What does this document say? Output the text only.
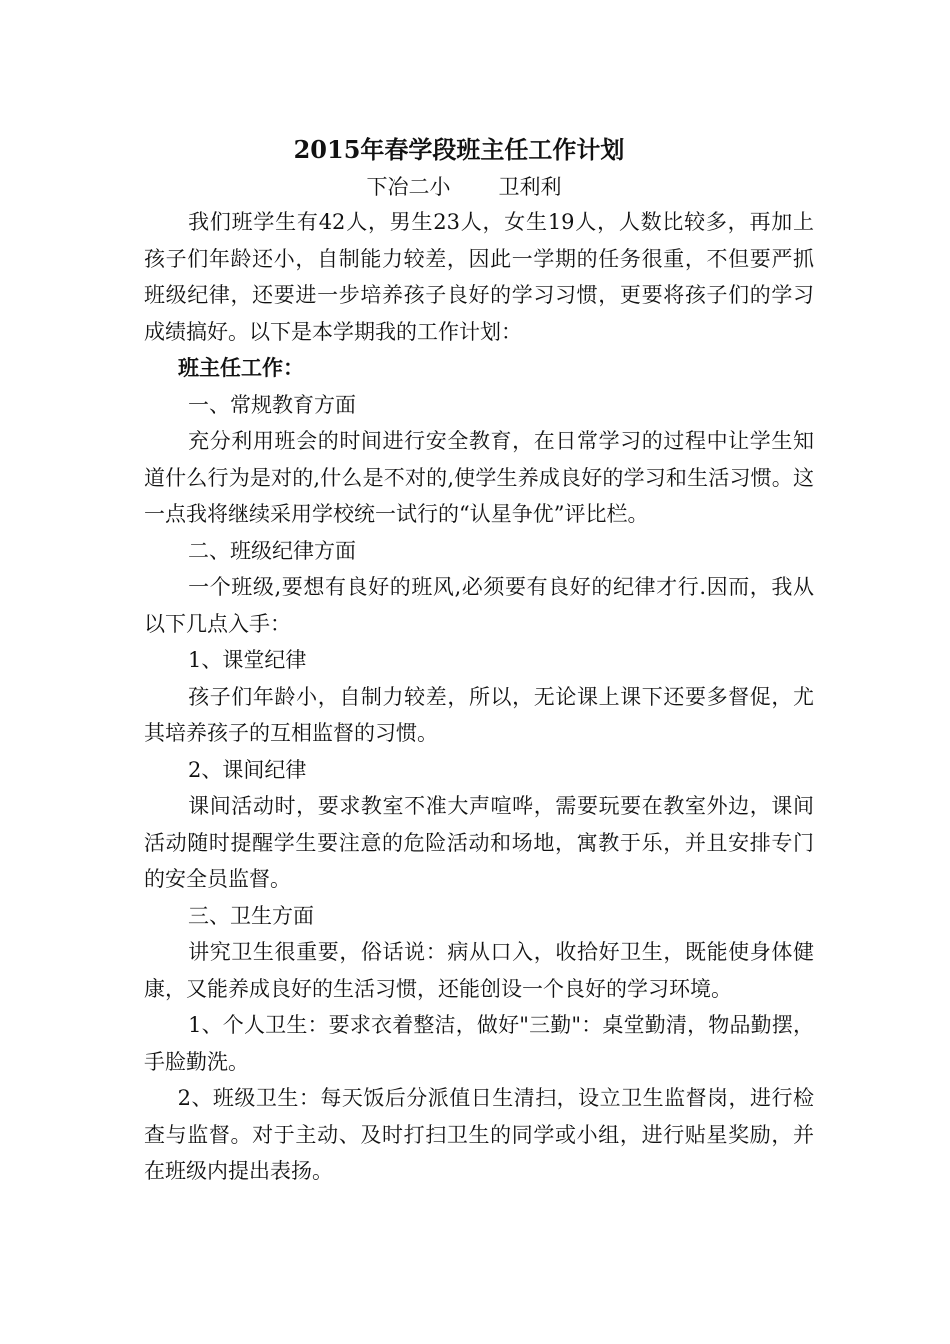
2015年春学段班主任工作计划
下冶二小 卫利利

我们班学生有42人，男生23人，女生19人，人数比较多，再加上孩子们年龄还小，自制能力较差，因此一学期的任务很重，不但要严抓班级纪律，还要进一步培养孩子良好的学习习惯，更要将孩子们的学习成绩搞好。以下是本学期我的工作计划：

班主任工作：

一、常规教育方面

充分利用班会的时间进行安全教育，在日常学习的过程中让学生知道什么行为是对的,什么是不对的,使学生养成良好的学习和生活习惯。这一点我将继续采用学校统一试行的“认星争优”评比栏。

二、班级纪律方面

一个班级,要想有良好的班风,必须要有良好的纪律才行.因而，我从以下几点入手：

1、课堂纪律

孩子们年龄小，自制力较差，所以，无论课上课下还要多督促，尤其培养孩子的互相监督的习惯。

2、课间纪律

课间活动时，要求教室不准大声喧哗，需要玩要在教室外边，课间活动随时提醒学生要注意的危险活动和场地，寓教于乐，并且安排专门的安全员监督。

三、卫生方面

讲究卫生很重要，俗话说：病从口入，收拾好卫生，既能使身体健康，又能养成良好的生活习惯，还能创设一个良好的学习环境。

1、个人卫生：要求衣着整洁，做好"三勤"：桌堂勤清，物品勤摆，手脸勤洗。

2、班级卫生：每天饭后分派值日生清扫，设立卫生监督岗，进行检查与监督。对于主动、及时打扫卫生的同学或小组，进行贴星奖励，并在班级内提出表扬。
